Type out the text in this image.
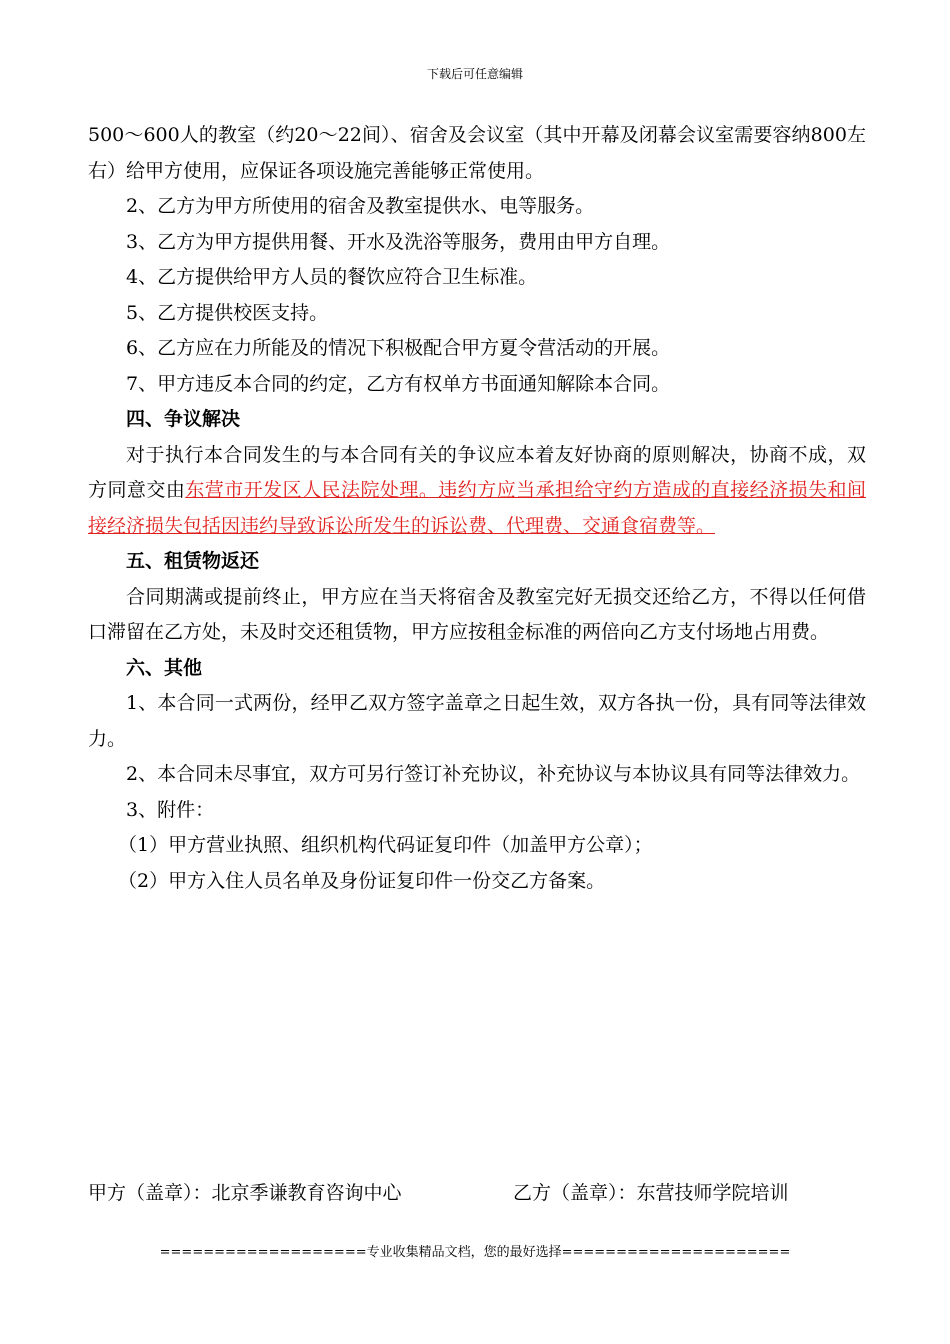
下载后可任意编辑

500～600人的教室（约20～22间）、宿舍及会议室（其中开幕及闭幕会议室需要容纳800左右）给甲方使用，应保证各项设施完善能够正常使用。

2、乙方为甲方所使用的宿舍及教室提供水、电等服务。

3、乙方为甲方提供用餐、开水及洗浴等服务，费用由甲方自理。

4、乙方提供给甲方人员的餐饮应符合卫生标准。

5、乙方提供校医支持。

6、乙方应在力所能及的情况下积极配合甲方夏令营活动的开展。

7、甲方违反本合同的约定，乙方有权单方书面通知解除本合同。

四、争议解决

对于执行本合同发生的与本合同有关的争议应本着友好协商的原则解决，协商不成，双方同意交由东营市开发区人民法院处理。违约方应当承担给守约方造成的直接经济损失和间接经济损失包括因违约导致诉讼所发生的诉讼费、代理费、交通食宿费等。

五、租赁物返还

合同期满或提前终止，甲方应在当天将宿舍及教室完好无损交还给乙方，不得以任何借口滞留在乙方处，未及时交还租赁物，甲方应按租金标准的两倍向乙方支付场地占用费。

六、其他

1、本合同一式两份，经甲乙双方签字盖章之日起生效，双方各执一份，具有同等法律效力。

2、本合同未尽事宜，双方可另行签订补充协议，补充协议与本协议具有同等法律效力。

3、附件：

（1）甲方营业执照、组织机构代码证复印件（加盖甲方公章）；

（2）甲方入住人员名单及身份证复印件一份交乙方备案。

甲方（盖章）：北京季谦教育咨询中心	乙方（盖章）：东营技师学院培训
===================专业收集精品文档，您的最好选择=====================
